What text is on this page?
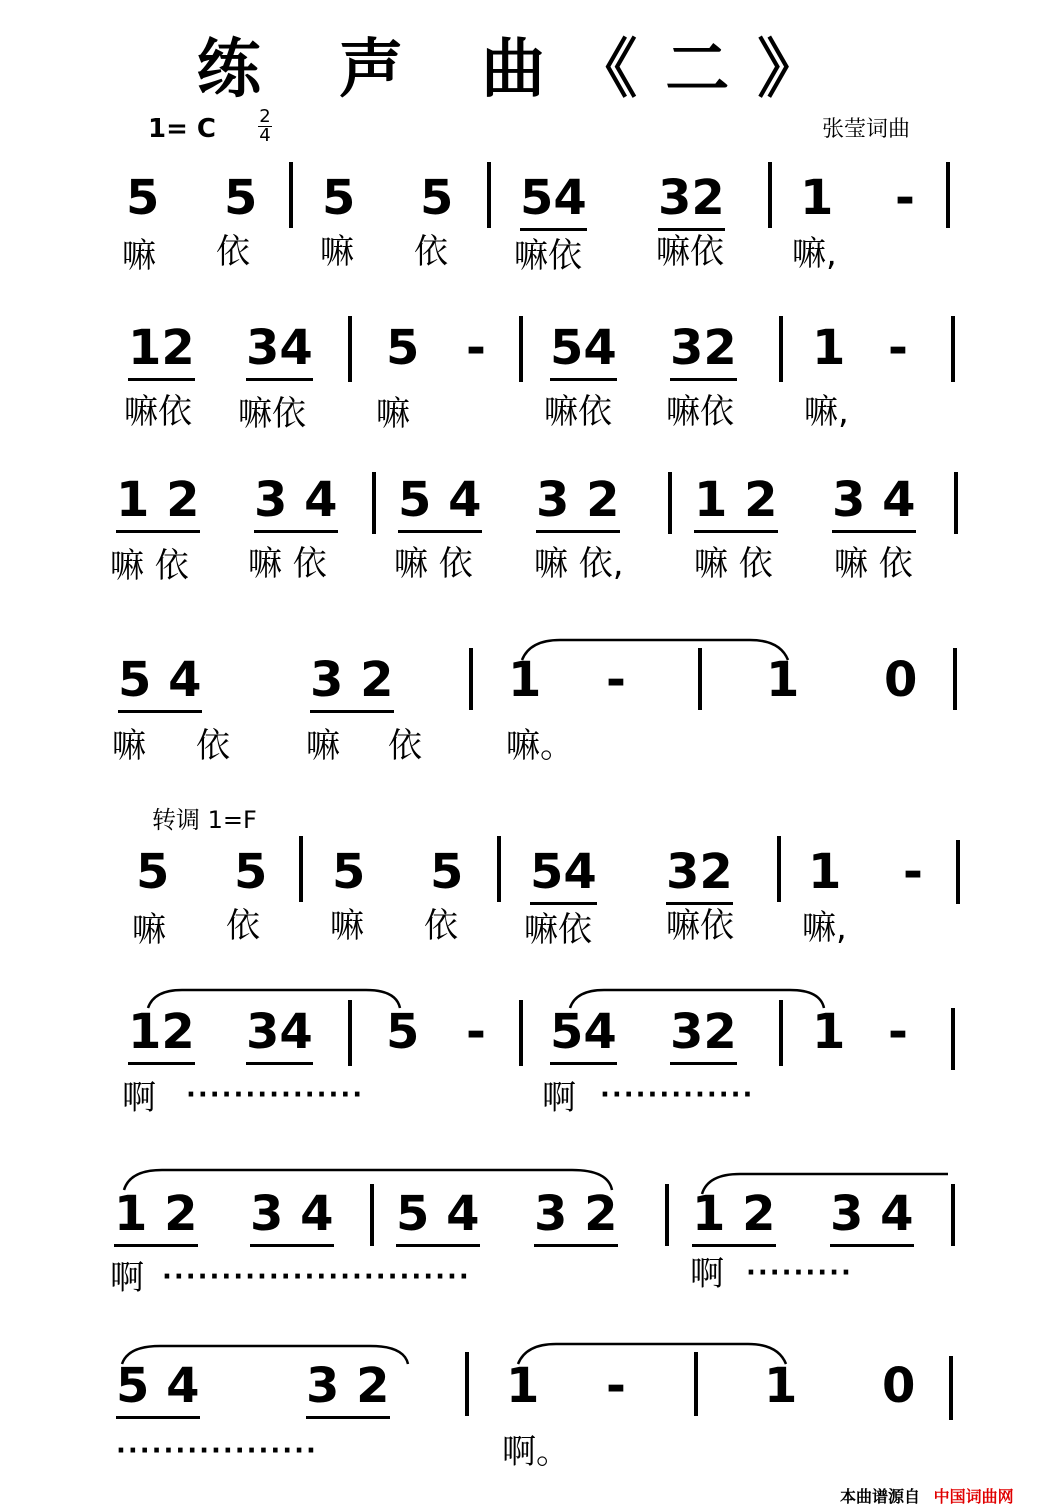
练 声 曲《二》
1= C 2
4	张莹词曲
5 5 5 5 54 32 1 -
嘛 依 嘛 依 嘛依 嘛依 嘛,
12 34 5 - 54 32 1 -
嘛依 嘛依 嘛	嘛依 嘛依 嘛,
1 2 3 4 5 4 3 2 1 2 3 4
嘛 依 嘛 依 嘛 依 嘛 依, 嘛 依 嘛 依
5 4 3 2 1 -	1 0
嘛 依 嘛 依 嘛。
转调 1=F
5 5 5 5 54 32 1 -
嘛 依 嘛 依 嘛依 嘛依 嘛,
12 34 5 - 54 32 1 -
啊 ···············	啊 ·············
1 2 3 4 5 4 3 2 1 2 3 4
啊 ··························	啊 ·········
5 4 3 2 1 -	1 0
·················	啊。
本曲谱源自 中国词曲网
